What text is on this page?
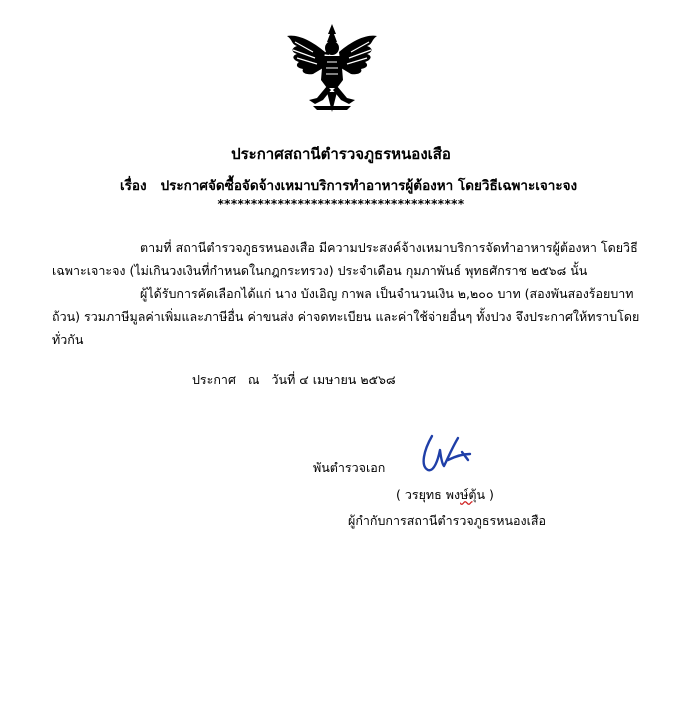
ประกาศสถานีตำรวจภูธรหนองเสือ
เรื่อง ประกาศจัดซื้อจัดจ้างเหมาบริการทำอาหารผู้ต้องหา โดยวิธีเฉพาะเจาะจง
*************************************

ตามที่ สถานีตำรวจภูธรหนองเสือ มีความประสงค์จ้างเหมาบริการจัดทำอาหารผู้ต้องหา โดยวิธีเฉพาะเจาะจง (ไม่เกินวงเงินที่กำหนดในกฎกระทรวง) ประจำเดือน กุมภาพันธ์ พุทธศักราช ๒๕๖๘ นั้น

ผู้ได้รับการคัดเลือกได้แก่ นาง บังเอิญ กาพล เป็นจำนวนเงิน ๒,๒๐๐ บาท (สองพันสองร้อยบาทถ้วน) รวมภาษีมูลค่าเพิ่มและภาษีอื่น ค่าขนส่ง ค่าจดทะเบียน และค่าใช้จ่ายอื่นๆ ทั้งปวง จึงประกาศให้ทราบโดยทั่วกัน

ประกาศ ณ วันที่ ๔ เมษายน ๒๕๖๘
พันตำรวจเอก
( วรยุทธ พงษ์ตุ้น )
ผู้กำกับการสถานีตำรวจภูธรหนองเสือ
